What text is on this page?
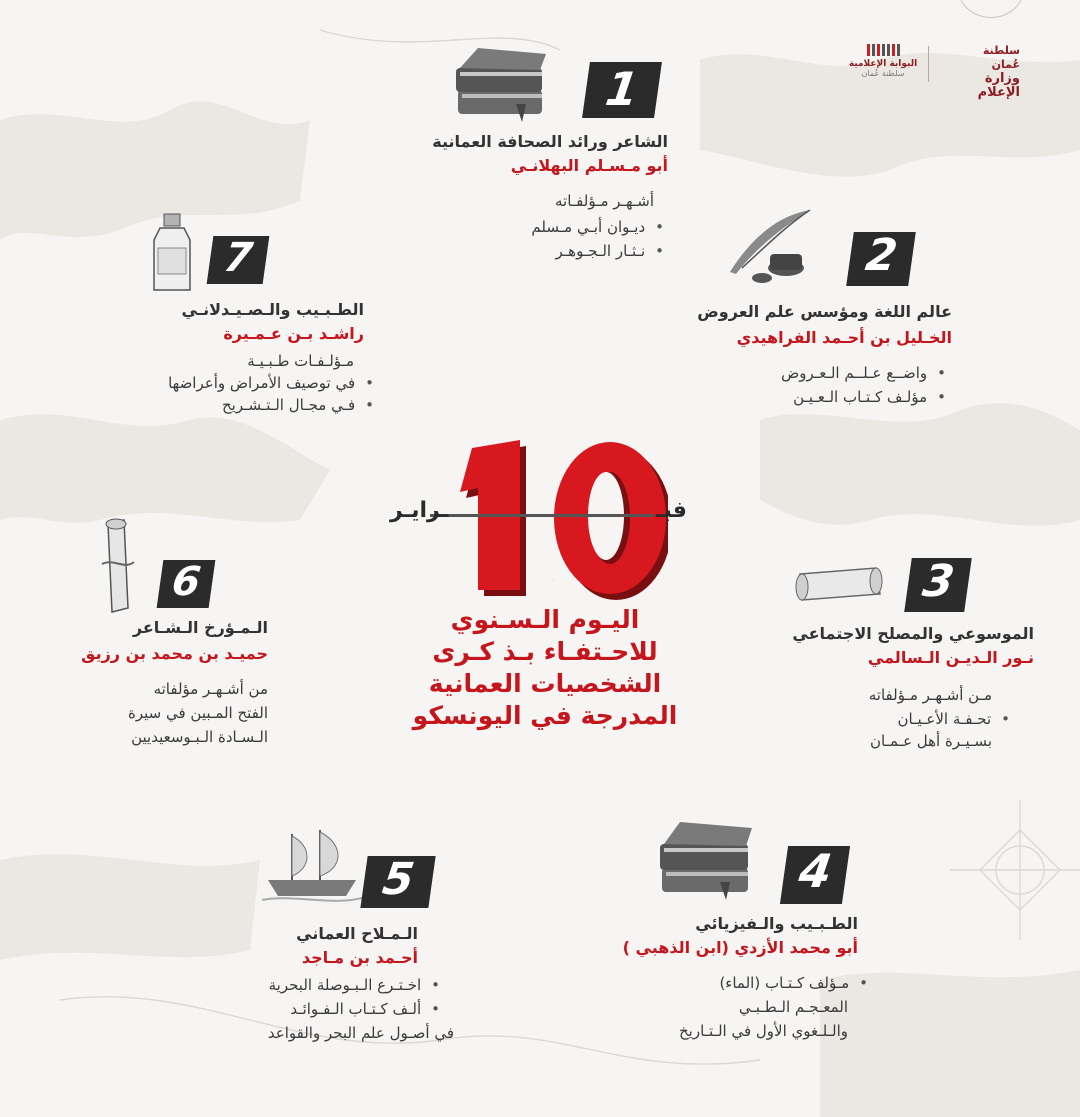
سلطنة عُمان
وزارة الإعلام
البوابة الإعلامية
سلطنة عُمان
1
الشاعر ورائد الصحافة العمانية
أبو مـسـلم البهلانـي
أشـهـر مـؤلفـاته
• ديـوان أبـي مـسلم
• نـثـار الـجـوهـر	2
عالم اللغة ومؤسس علم العروض
الخـليل بن أحـمد الفراهيدي
• واضــع عـلــم الـعـروض
• مؤلـف كـتـاب الـعـيـن
7
الطـبـيب والـصـيـدلانـي
راشـد بـن عـمـيرة
مـؤلـفـات طـبـيـة
• في توصيف الأمراض وأعراضها
• فـي مجـال الـتـشـريح
10
ـرايـر	فبـ
اليـوم الـسـنوي
للاحـتفـاء بـذ كـرى
الشخصيات العمانية
المدرجة في اليونسكو
6
الـمـؤرخ الـشـاعر
حميـد بن محمد بن رزيق
من أشـهـر مؤلفاته
الفتح المـبين في سيرة
الـسـادة الـبـوسعيديين
3
الموسوعي والمصلح الاجتماعي
نـور الـديـن الـسالمي
مـن أشـهـر مـؤلفاته
• تحـفـة الأعـيـان
بسـيـرة أهل عـمـان
5
الـمـلاح العماني
أحـمد بن مـاجد
• اخـتـرع الـبـوصلة البحرية
• ألـف كـتـاب الـفـوائـد
في أصـول علم البحر والقواعد
4
الطـبـيب والـفيزيائي
أبو محمد الأزدي (ابن الذهبي )
• مـؤلف كـتـاب (الماء)
المعـجـم الـطـبـي
والـلـغوي الأول في الـتـاريخ
